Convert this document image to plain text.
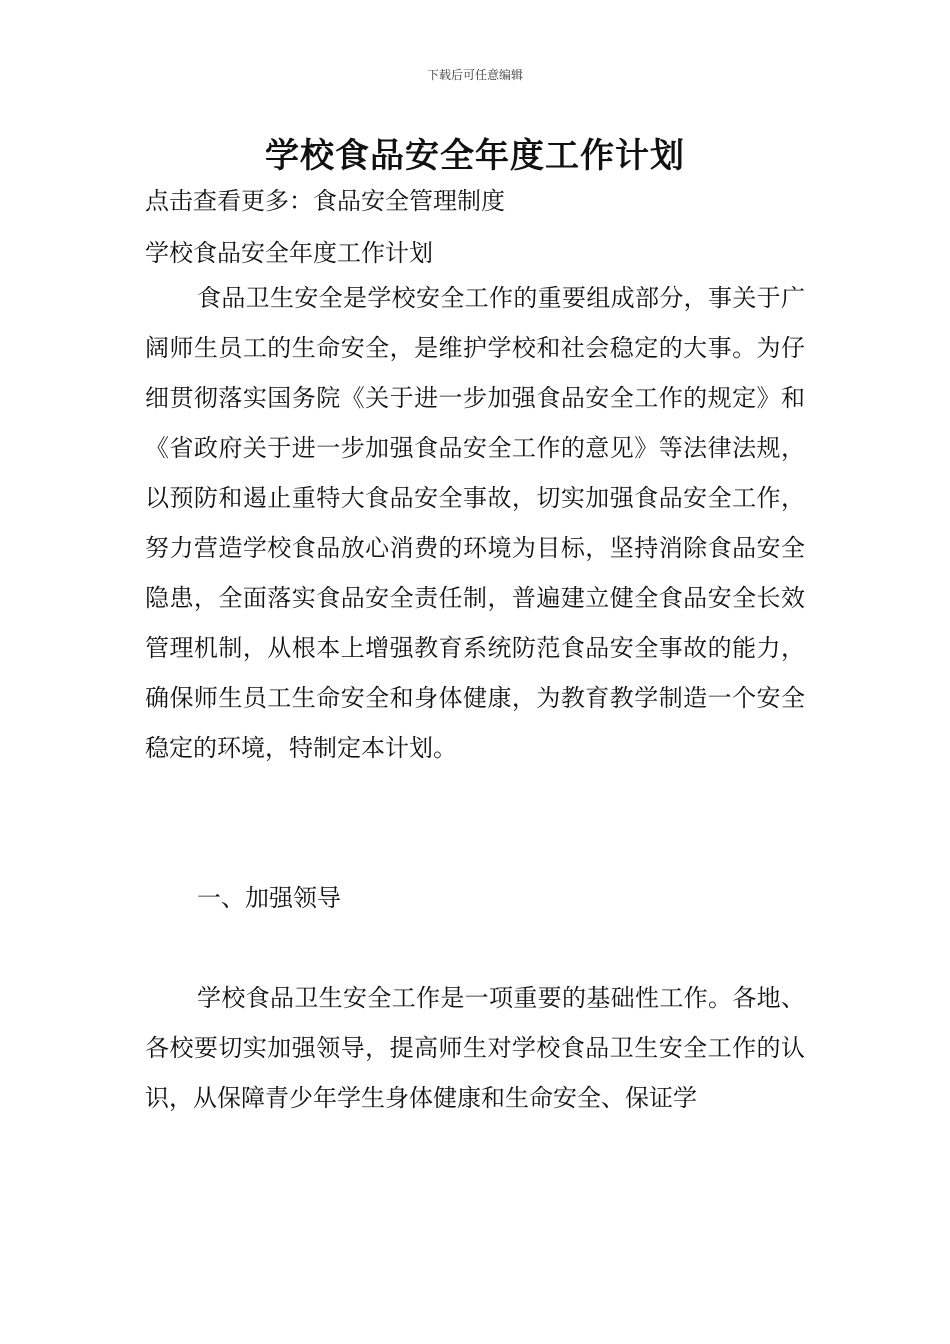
下载后可任意编辑
学校食品安全年度工作计划
点击查看更多：食品安全管理制度
学校食品安全年度工作计划

食品卫生安全是学校安全工作的重要组成部分，事关于广阔师生员工的生命安全，是维护学校和社会稳定的大事。为仔细贯彻落实国务院《关于进一步加强食品安全工作的规定》和《省政府关于进一步加强食品安全工作的意见》等法律法规，以预防和遏止重特大食品安全事故，切实加强食品安全工作，努力营造学校食品放心消费的环境为目标，坚持消除食品安全隐患，全面落实食品安全责任制，普遍建立健全食品安全长效管理机制，从根本上增强教育系统防范食品安全事故的能力，确保师生员工生命安全和身体健康，为教育教学制造一个安全稳定的环境，特制定本计划。

一、加强领导

学校食品卫生安全工作是一项重要的基础性工作。各地、各校要切实加强领导，提高师生对学校食品卫生安全工作的认识，从保障青少年学生身体健康和生命安全、保证学
